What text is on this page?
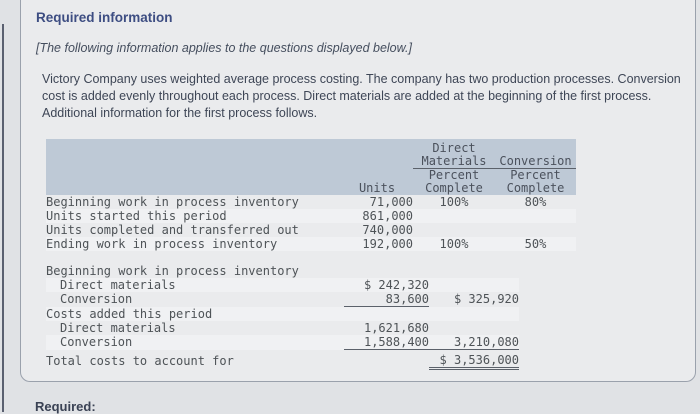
Required information
[The following information applies to the questions displayed below.]
Victory Company uses weighted average process costing. The company has two production processes. Conversion cost is added evenly throughout each process. Direct materials are added at the beginning of the first process. Additional information for the first process follows.
		Direct	
		Materials	Conversion
		Percent	Percent
	Units	Complete	Complete
Beginning work in process inventory	71,000	100%	80%
Units started this period	861,000		
Units completed and transferred out	740,000		
Ending work in process inventory	192,000	100%	50%
Beginning work in process inventory		
Direct materials	$ 242,320	
Conversion	83,600	$ 325,920
Costs added this period		
Direct materials	1,621,680	
Conversion	1,588,400	3,210,080
Total costs to account for		$ 3,536,000
Required:
